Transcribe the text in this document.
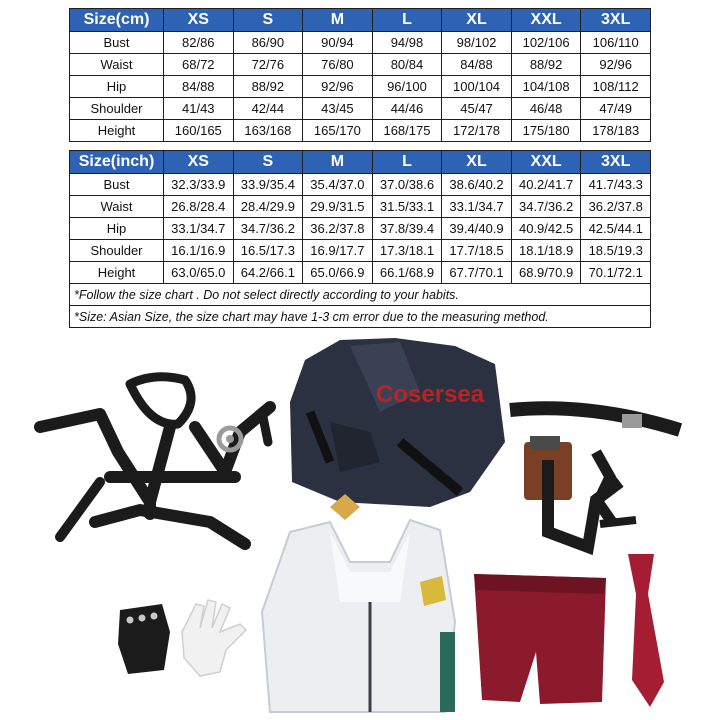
Size(cm)	XS	S	M	L	XL	XXL	3XL
Bust	82/86	86/90	90/94	94/98	98/102	102/106	106/110
Waist	68/72	72/76	76/80	80/84	84/88	88/92	92/96
Hip	84/88	88/92	92/96	96/100	100/104	104/108	108/112
Shoulder	41/43	42/44	43/45	44/46	45/47	46/48	47/49
Height	160/165	163/168	165/170	168/175	172/178	175/180	178/183
Size(inch)	XS	S	M	L	XL	XXL	3XL
Bust	32.3/33.9	33.9/35.4	35.4/37.0	37.0/38.6	38.6/40.2	40.2/41.7	41.7/43.3
Waist	26.8/28.4	28.4/29.9	29.9/31.5	31.5/33.1	33.1/34.7	34.7/36.2	36.2/37.8
Hip	33.1/34.7	34.7/36.2	36.2/37.8	37.8/39.4	39.4/40.9	40.9/42.5	42.5/44.1
Shoulder	16.1/16.9	16.5/17.3	16.9/17.7	17.3/18.1	17.7/18.5	18.1/18.9	18.5/19.3
Height	63.0/65.0	64.2/66.1	65.0/66.9	66.1/68.9	67.7/70.1	68.9/70.9	70.1/72.1
*Follow the size chart . Do not select directly according to your habits.							
*Size: Asian Size, the size chart may have 1-3 cm error due to the measuring method.							
Cosersea
